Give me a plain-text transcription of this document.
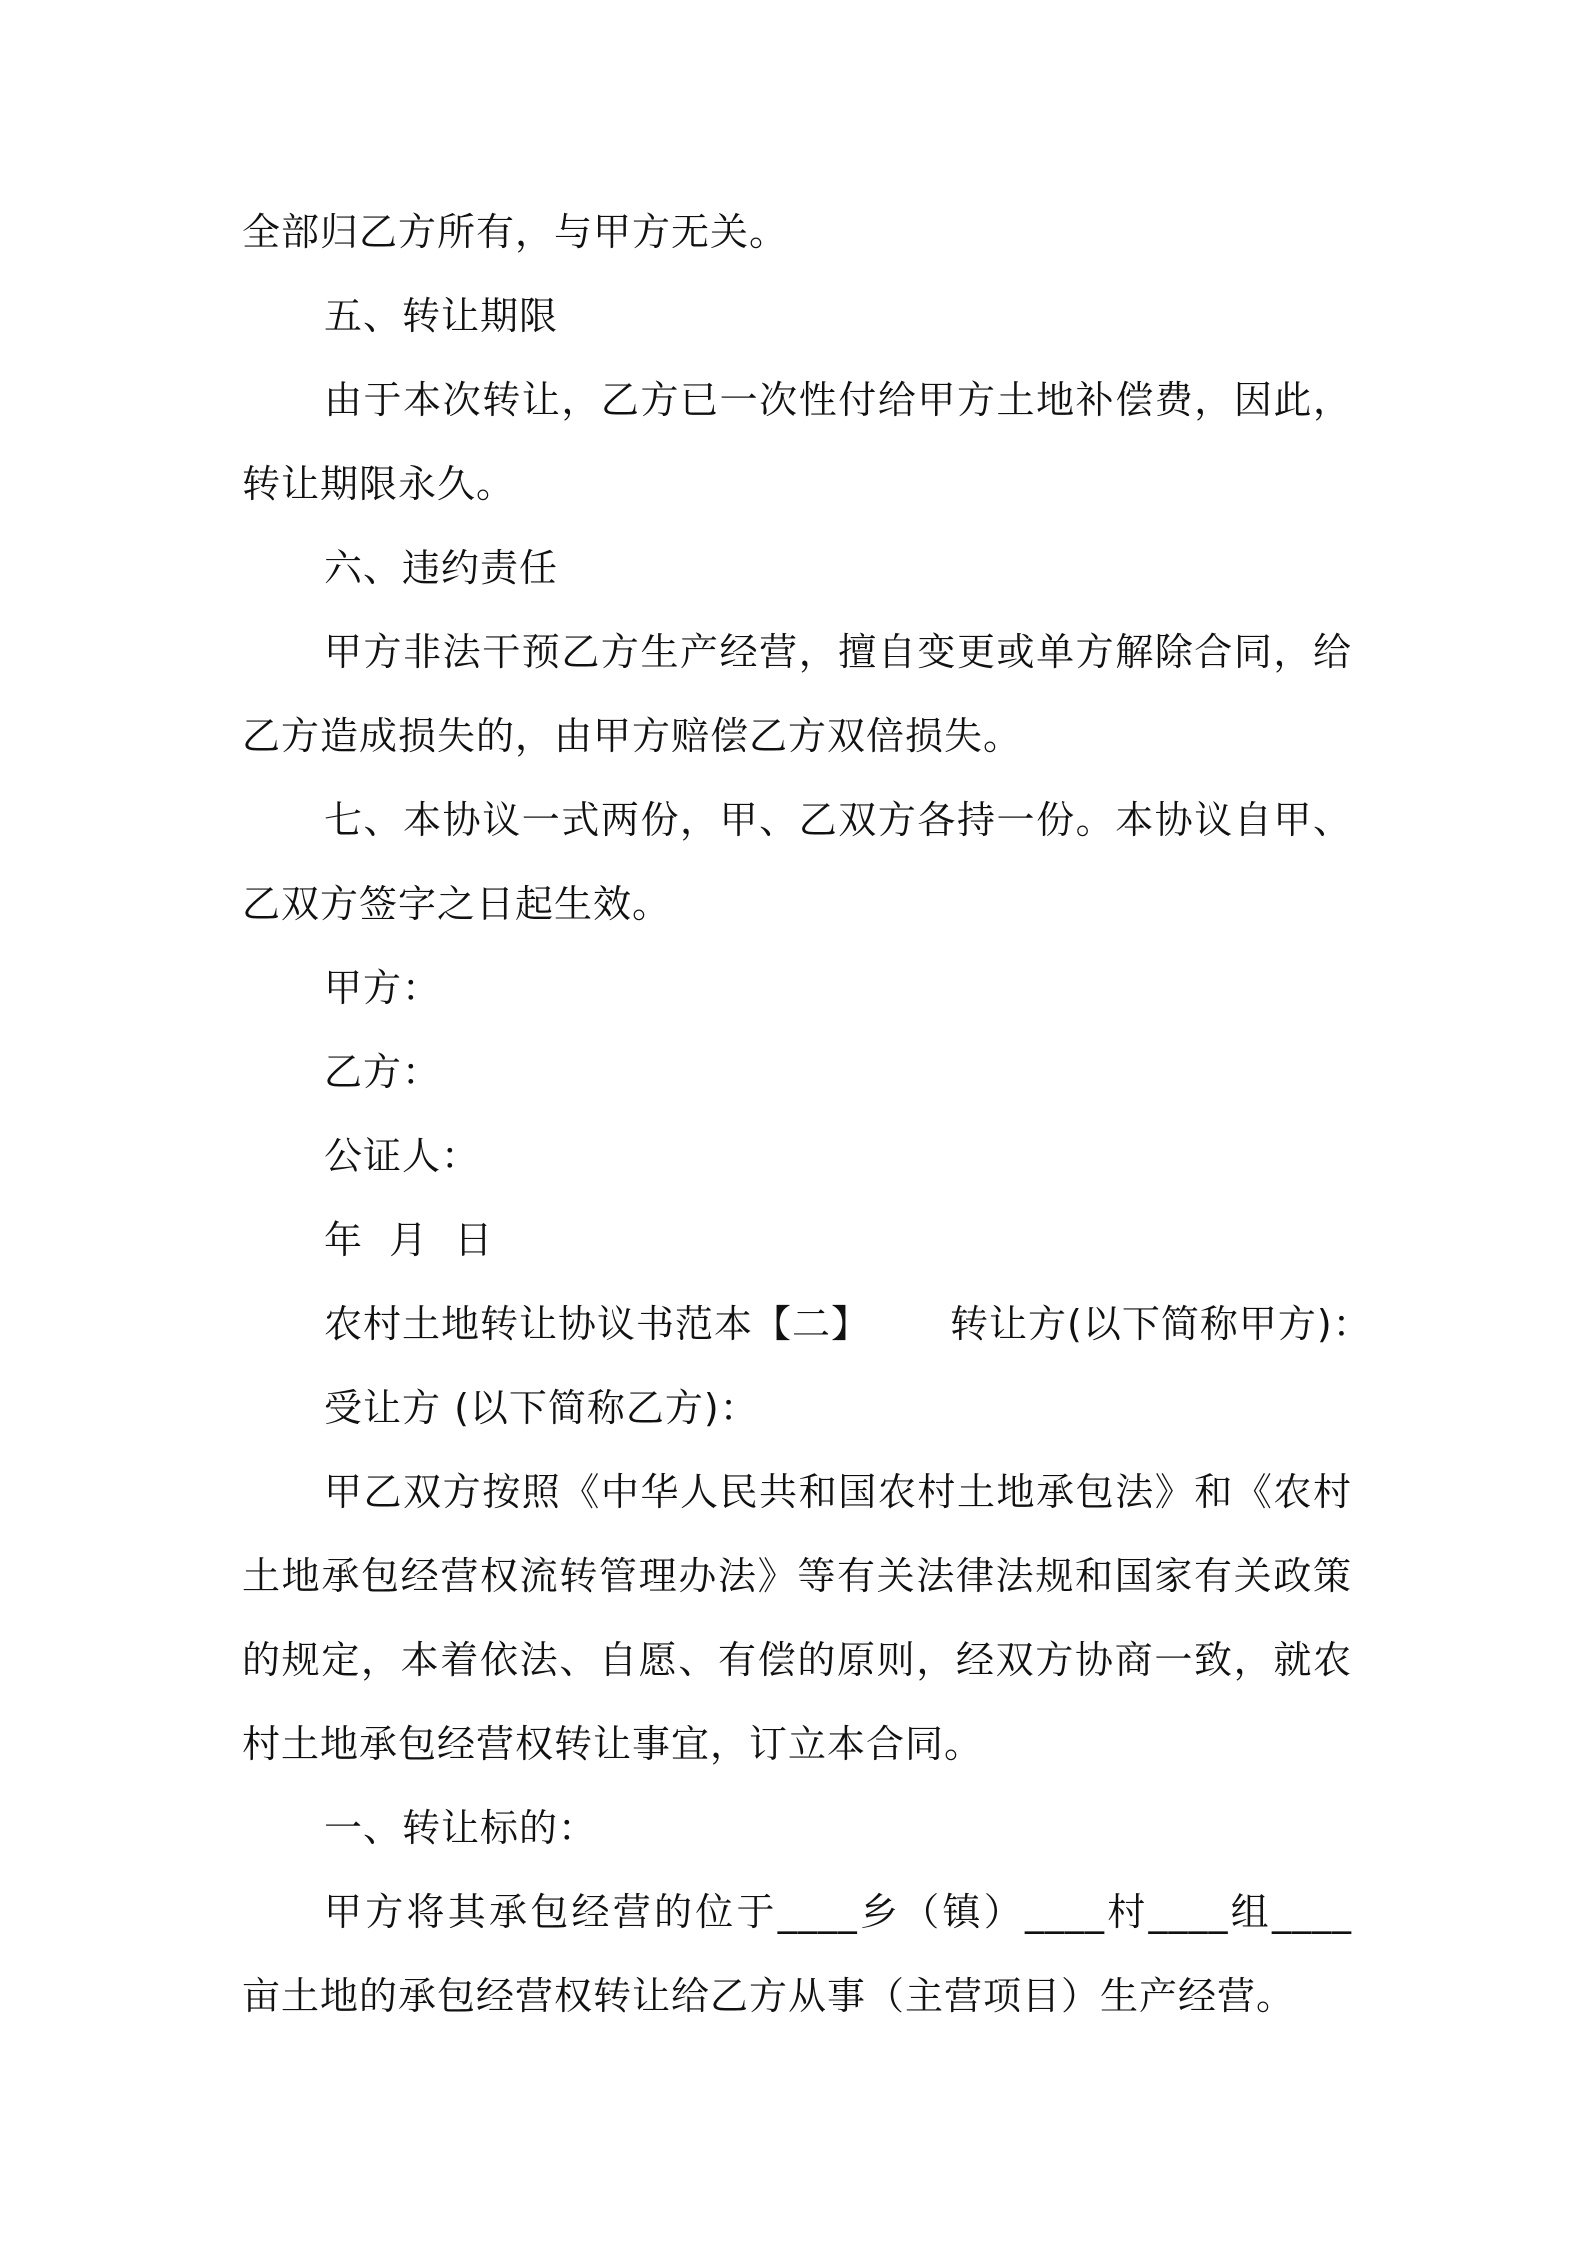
全部归乙方所有，与甲方无关。
五、转让期限
由于本次转让，乙方已一次性付给甲方土地补偿费，因此，
转让期限永久。
六、违约责任
甲方非法干预乙方生产经营，擅自变更或单方解除合同，给
乙方造成损失的，由甲方赔偿乙方双倍损失。
七、本协议一式两份，甲、乙双方各持一份。本协议自甲、
乙双方签字之日起生效。
甲方：
乙方：
公证人：
年  月  日
农村土地转让协议书范本【二】 转让方(以下简称甲方)：
受让方 (以下简称乙方)：
甲乙双方按照《中华人民共和国农村土地承包法》和《农村
土地承包经营权流转管理办法》等有关法律法规和国家有关政策
的规定，本着依法、自愿、有偿的原则，经双方协商一致，就农
村土地承包经营权转让事宜，订立本合同。
一、转让标的：
甲方将其承包经营的位于____乡（镇）____村____组____
亩土地的承包经营权转让给乙方从事（主营项目）生产经营。
